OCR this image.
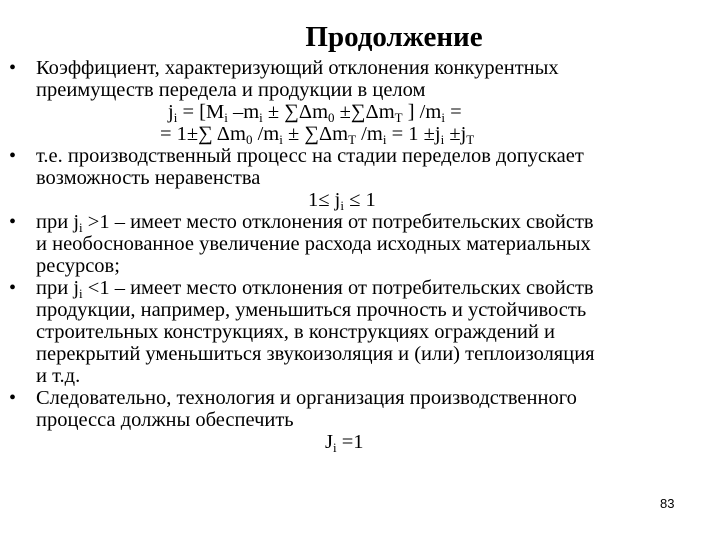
Продолжение
• Коэффициент, характеризующий отклонения конкурентных
преимуществ передела и продукции в целом
$j_i = [M_i$ $-m_i \pm \sum\Delta m_0 \pm\sum\Delta m_T$ ] $/m_i$ =
= 1±∑ $\Delta m_0$ $/m_i \pm \sum\Delta m_T$ $/m_i = 1 \pm j_i \pm j_T$
• т.е. производственный процесс на стадии переделов допускает
возможность неравенства
$1\le j_i \le 1$
• при $j_i >1$ – имеет место отклонения от потребительских свойств
и необоснованное увеличение расхода исходных материальных
ресурсов;
• при $j_i <1$ – имеет место отклонения от потребительских свойств
продукции, например, уменьшиться прочность и устойчивость
строительных конструкциях, в конструкциях ограждений и
перекрытий уменьшиться звукоизоляция и (или) теплоизоляция
и т.д.
• Следовательно, технология и организация производственного
процесса должны обеспечить
$J_i =1$
83
